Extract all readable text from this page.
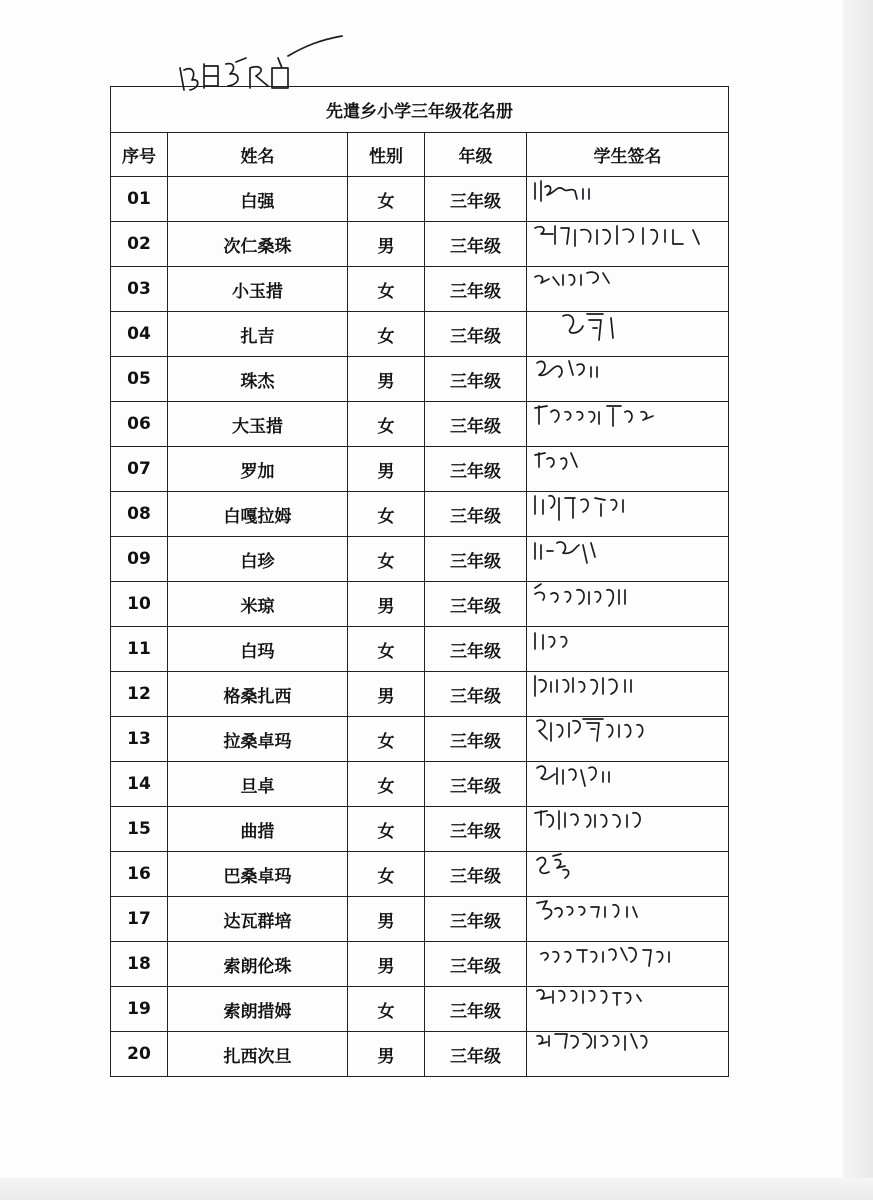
先遣乡小学三年级花名册				
序号	姓名	性别	年级	学生签名
01	白强	女	三年级	

02	次仁桑珠	男	三年级	

03	小玉措	女	三年级	

04	扎吉	女	三年级	

05	珠杰	男	三年级	

06	大玉措	女	三年级	

07	罗加	男	三年级	

08	白嘎拉姆	女	三年级	

09	白珍	女	三年级	

10	米琼	男	三年级	

11	白玛	女	三年级	

12	格桑扎西	男	三年级	

13	拉桑卓玛	女	三年级	

14	旦卓	女	三年级	

15	曲措	女	三年级	

16	巴桑卓玛	女	三年级	

17	达瓦群培	男	三年级	

18	索朗伦珠	男	三年级	

19	索朗措姆	女	三年级	

20	扎西次旦	男	三年级	
